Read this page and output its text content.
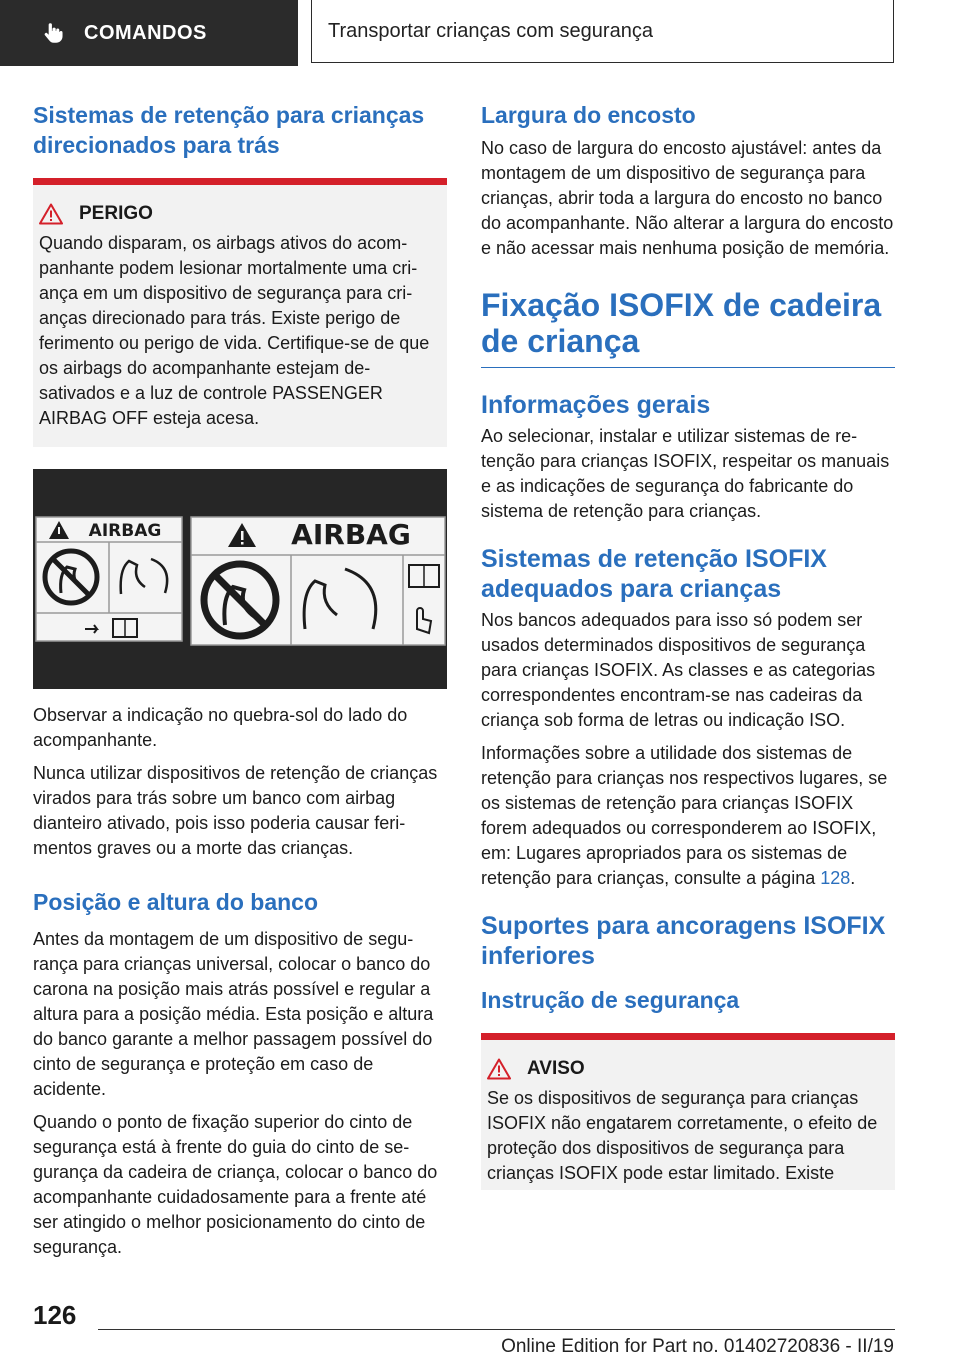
COMANDOS	Transportar crianças com segurança
Sistemas de retenção para crianças direcionados para trás
PERIGO

Quando disparam, os airbags ativos do acompanhante podem lesionar mortalmente uma criança em um dispositivo de segurança para crianças direcionado para trás. Existe perigo de ferimento ou perigo de vida. Certifique-se de que os airbags do acompanhante estejam desativados e a luz de controle PASSENGER AIRBAG OFF esteja acesa.

AIRBAG	AIRBAG

Observar a indicação no quebra-sol do lado do acompanhante.

Nunca utilizar dispositivos de retenção de crianças virados para trás sobre um banco com airbag dianteiro ativado, pois isso poderia causar ferimentos graves ou a morte das crianças.

Posição e altura do banco

Antes da montagem de um dispositivo de segurança para crianças universal, colocar o banco do carona na posição mais atrás possível e regular a altura para a posição média. Esta posição e altura do banco garante a melhor passagem possível do cinto de segurança e proteção em caso de acidente.

Quando o ponto de fixação superior do cinto de segurança está à frente do guia do cinto de segurança da cadeira de criança, colocar o banco do acompanhante cuidadosamente para a frente até ser atingido o melhor posicionamento do cinto de segurança.

Largura do encosto

No caso de largura do encosto ajustável: antes da montagem de um dispositivo de segurança para crianças, abrir toda a largura do encosto no banco do acompanhante. Não alterar a largura do encosto e não acessar mais nenhuma posição de memória.

Fixação ISOFIX de cadeira de criança
Informações gerais

Ao selecionar, instalar e utilizar sistemas de retenção para crianças ISOFIX, respeitar os manuais e as indicações de segurança do fabricante do sistema de retenção para crianças.

Sistemas de retenção ISOFIX adequados para crianças

Nos bancos adequados para isso só podem ser usados determinados dispositivos de segurança para crianças ISOFIX. As classes e as categorias correspondentes encontram-se nas cadeiras da criança sob forma de letras ou indicação ISO.

Informações sobre a utilidade dos sistemas de retenção para crianças nos respectivos lugares, se os sistemas de retenção para crianças ISOFIX forem adequados ou corresponderem ao ISOFIX, em: Lugares apropriados para os sistemas de retenção para crianças, consulte a página 128.

Suportes para ancoragens ISOFIX inferiores
Instrução de segurança
AVISO

Se os dispositivos de segurança para crianças ISOFIX não engatarem corretamente, o efeito de proteção dos dispositivos de segurança para crianças ISOFIX pode estar limitado. Existe

126
Online Edition for Part no. 01402720836 - II/19
